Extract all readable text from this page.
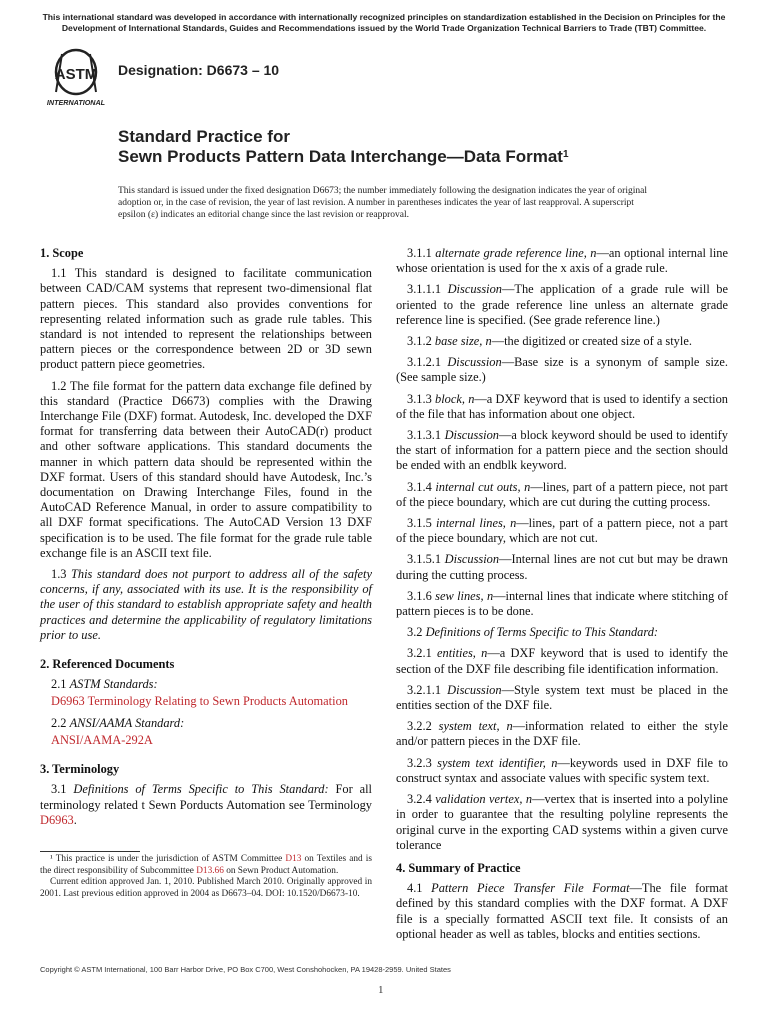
This international standard was developed in accordance with internationally recognized principles on standardization established in the Decision on Principles for the Development of International Standards, Guides and Recommendations issued by the World Trade Organization Technical Barriers to Trade (TBT) Committee.
ASTM
INTERNATIONAL
Designation: D6673 – 10
Standard Practice for
Sewn Products Pattern Data Interchange—Data Format$^1$
This standard is issued under the fixed designation D6673; the number immediately following the designation indicates the year of original adoption or, in the case of revision, the year of last revision. A number in parentheses indicates the year of last reapproval. A superscript epsilon (ε) indicates an editorial change since the last revision or reapproval.
1. Scope

1.1 This standard is designed to facilitate communication between CAD/CAM systems that represent two-dimensional flat pattern pieces. This standard also provides conventions for representing related information such as grade rule tables. This standard is not intended to represent the relationships between pattern pieces or the correspondence between 2D or 3D sewn product pattern piece geometries.

1.2 The file format for the pattern data exchange file defined by this standard (Practice D6673) complies with the Drawing Interchange File (DXF) format. Autodesk, Inc. developed the DXF format for transferring data between their AutoCAD(r) product and other software applications. This standard documents the manner in which pattern data should be represented within the DXF format. Users of this standard should have Autodesk, Inc.’s documentation on Drawing Interchange Files, found in the AutoCAD Reference Manual, in order to assure compatibility to all DXF format specifications. The AutoCAD Version 13 DXF specification is to be used. The file format for the grade rule table exchange file is an ASCII text file.

1.3 This standard does not purport to address all of the safety concerns, if any, associated with its use. It is the responsibility of the user of this standard to establish appropriate safety and health practices and determine the applicability of regulatory limitations prior to use.

2. Referenced Documents

2.1 ASTM Standards:

D6963 Terminology Relating to Sewn Products Automation

2.2 ANSI/AAMA Standard:

ANSI/AAMA-292A

3. Terminology

3.1 Definitions of Terms Specific to This Standard: For all terminology related t Sewn Porducts Automation see Terminology D6963.

¹ This practice is under the jurisdiction of ASTM Committee D13 on Textiles and is the direct responsibility of Subcommittee D13.66 on Sewn Product Automation.

Current edition approved Jan. 1, 2010. Published March 2010. Originally approved in 2001. Last previous edition approved in 2004 as D6673–04. DOI: 10.1520/D6673-10.

3.1.1 alternate grade reference line, n—an optional internal line whose orientation is used for the x axis of a grade rule.

3.1.1.1 Discussion—The application of a grade rule will be oriented to the grade reference line unless an alternate grade reference line is specified. (See grade reference line.)

3.1.2 base size, n—the digitized or created size of a style.

3.1.2.1 Discussion—Base size is a synonym of sample size. (See sample size.)

3.1.3 block, n—a DXF keyword that is used to identify a section of the file that has information about one object.

3.1.3.1 Discussion—a block keyword should be used to identify the start of information for a pattern piece and the section should be ended with an endblk keyword.

3.1.4 internal cut outs, n—lines, part of a pattern piece, not part of the piece boundary, which are cut during the cutting process.

3.1.5 internal lines, n—lines, part of a pattern piece, not a part of the piece boundary, which are not cut.

3.1.5.1 Discussion—Internal lines are not cut but may be drawn during the cutting process.

3.1.6 sew lines, n—internal lines that indicate where stitching of pattern pieces is to be done.

3.2 Definitions of Terms Specific to This Standard:

3.2.1 entities, n—a DXF keyword that is used to identify the section of the DXF file describing file identification information.

3.2.1.1 Discussion—Style system text must be placed in the entities section of the DXF file.

3.2.2 system text, n—information related to either the style and/or pattern pieces in the DXF file.

3.2.3 system text identifier, n—keywords used in DXF file to construct syntax and associate values with specific system text.

3.2.4 validation vertex, n—vertex that is inserted into a polyline in order to guarantee that the resulting polyline represents the original curve in the exporting CAD systems within a given curve tolerance

4. Summary of Practice

4.1 Pattern Piece Transfer File Format—The file format defined by this standard complies with the DXF format. A DXF file is a specially formatted ASCII text file. It consists of an optional header as well as tables, blocks and entities sections.

Copyright © ASTM International, 100 Barr Harbor Drive, PO Box C700, West Conshohocken, PA 19428-2959. United States
1
